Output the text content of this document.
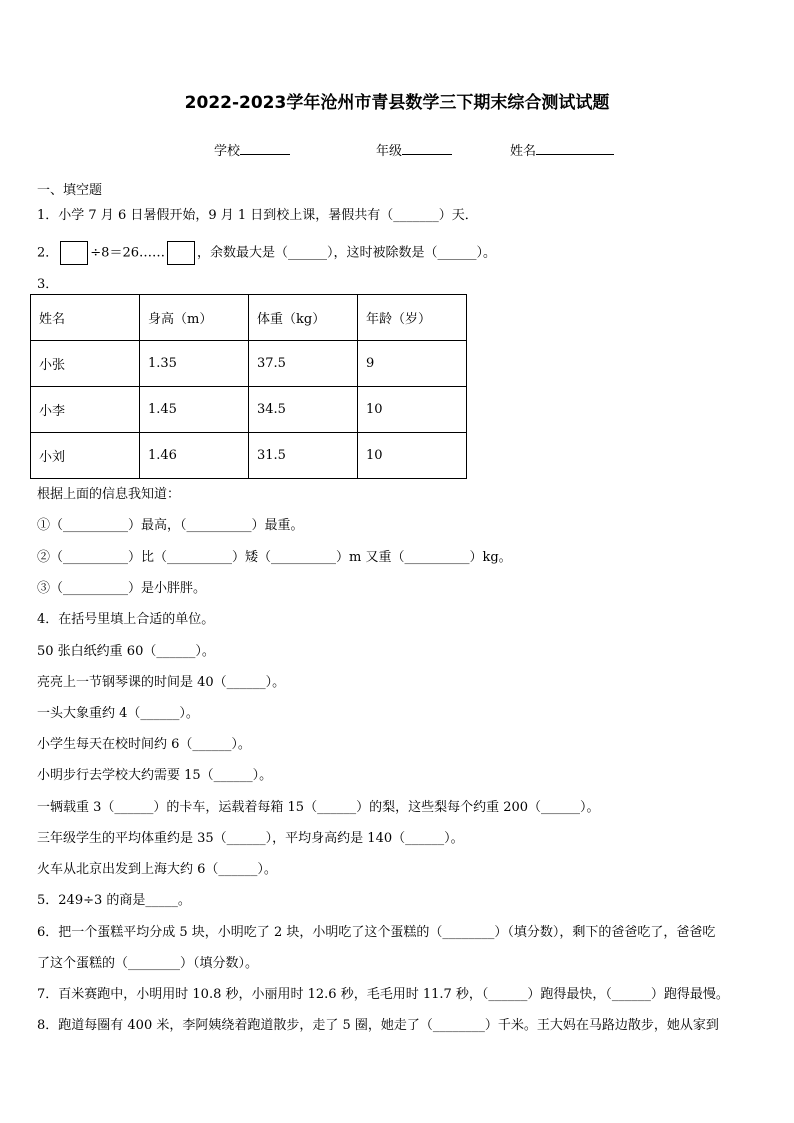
2022-2023学年沧州市青县数学三下期末综合测试试题
学校	年级	姓名
一、填空题
1．小学 7 月 6 日暑假开始，9 月 1 日到校上课，暑假共有（_______）天．
2． ÷8＝26…… ，余数最大是（______），这时被除数是（______）。
3．
姓名	身高（m）	体重（kg）	年龄（岁）
小张	1.35	37.5	9
小李	1.45	34.5	10
小刘	1.46	31.5	10
根据上面的信息我知道：
①（__________）最高，（__________）最重。
②（__________）比（__________）矮（__________）m 又重（__________）kg。
③（__________）是小胖胖。
4．在括号里填上合适的单位。
50 张白纸约重 60（______）。
亮亮上一节钢琴课的时间是 40（______）。
一头大象重约 4（______）。
小学生每天在校时间约 6（______）。
小明步行去学校大约需要 15（______）。
一辆载重 3（______）的卡车，运载着每箱 15（______）的梨，这些梨每个约重 200（______）。
三年级学生的平均体重约是 35（______），平均身高约是 140（______）。
火车从北京出发到上海大约 6（______）。
5．249÷3 的商是_____。
6．把一个蛋糕平均分成 5 块，小明吃了 2 块，小明吃了这个蛋糕的（________）（填分数），剩下的爸爸吃了，爸爸吃
了这个蛋糕的（________）（填分数）。
7．百米赛跑中，小明用时 10.8 秒，小丽用时 12.6 秒，毛毛用时 11.7 秒，（______）跑得最快，（______）跑得最慢。
8．跑道每圈有 400 米，李阿姨绕着跑道散步，走了 5 圈，她走了（________）千米。王大妈在马路边散步，她从家到
